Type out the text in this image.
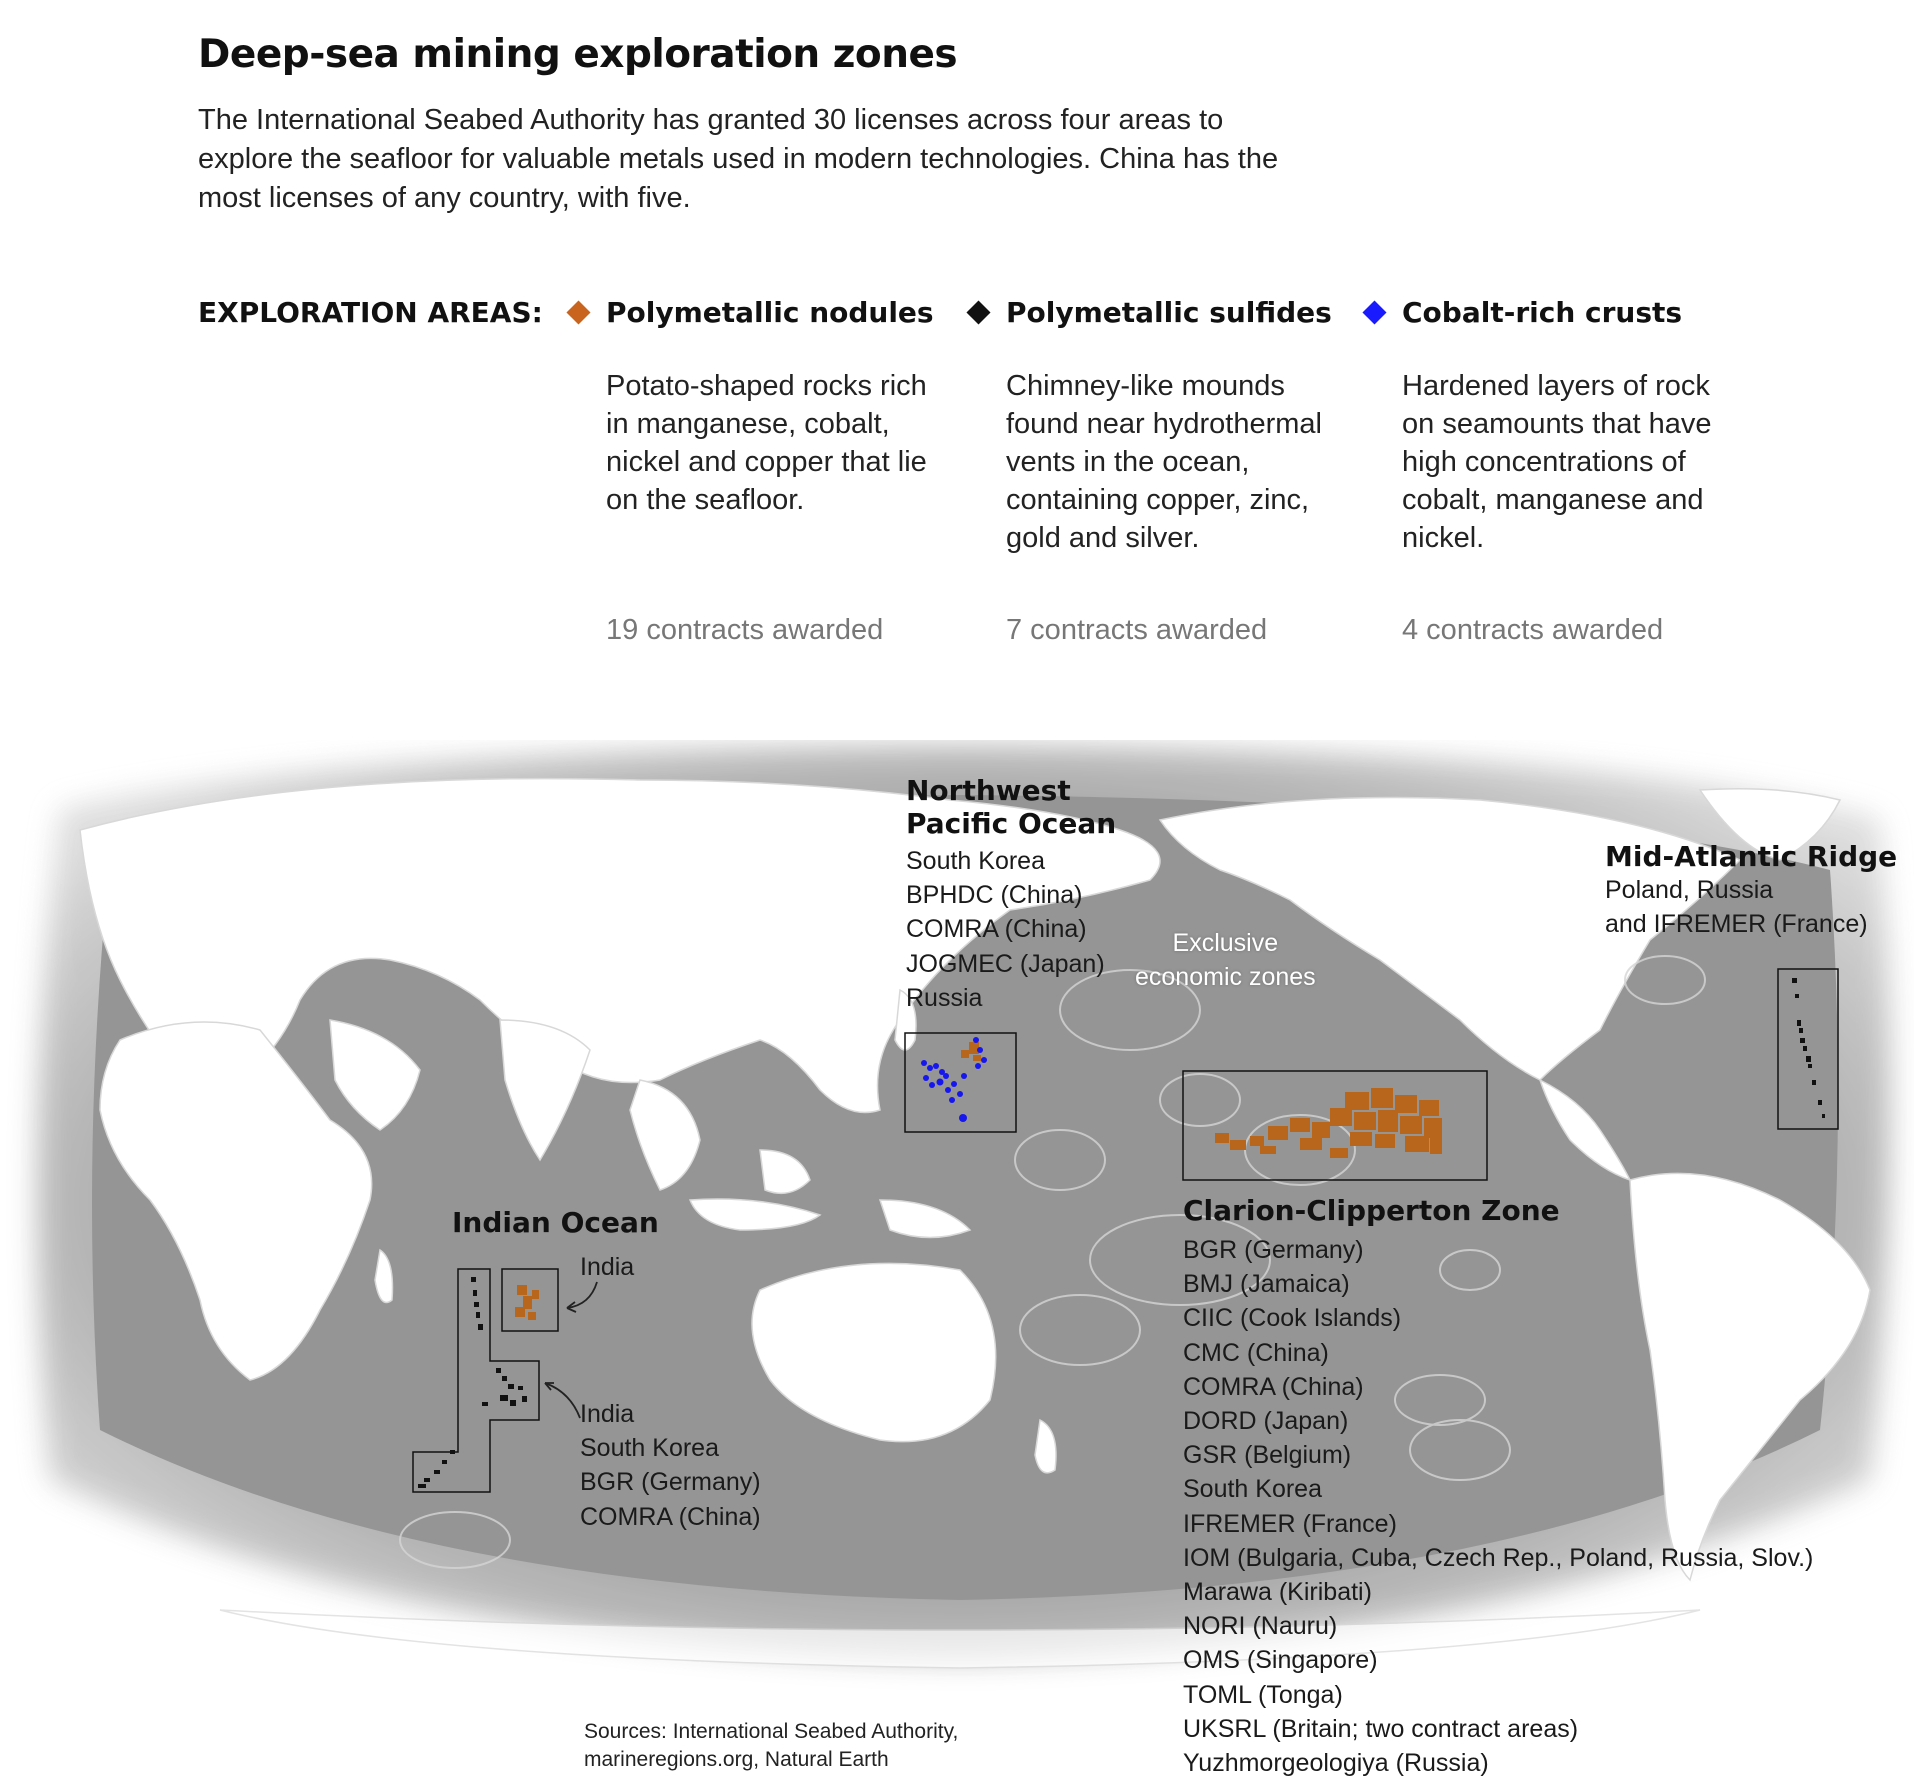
Deep-sea mining exploration zones

The International Seabed Authority has granted 30 licenses across four areas to explore the seafloor for valuable metals used in modern technologies. China has the most licenses of any country, with five.

EXPLORATION AREAS: Polymetallic nodules
Potato-shaped rocks rich in manganese, cobalt, nickel and copper that lie on the seafloor.
19 contracts awarded
Polymetallic sulfides
Chimney-like mounds found near hydrothermal vents in the ocean, containing copper, zinc, gold and silver.
7 contracts awarded
Cobalt-rich crusts
Hardened layers of rock on seamounts that have high concentrations of cobalt, manganese and nickel.
4 contracts awarded
Northwest
Pacific Ocean
South Korea
BPHDC (China)
COMRA (China)
JOGMEC (Japan)
Russia
Mid-Atlantic Ridge
Poland, Russia
and IFREMER (France)
Exclusive
economic zones
Indian Ocean
India
India
South Korea
BGR (Germany)
COMRA (China)
Clarion-Clipperton Zone
BGR (Germany)
BMJ (Jamaica)
CIIC (Cook Islands)
CMC (China)
COMRA (China)
DORD (Japan)
GSR (Belgium)
South Korea
IFREMER (France)
IOM (Bulgaria, Cuba, Czech Rep., Poland, Russia, Slov.)
Marawa (Kiribati)
NORI (Nauru)
OMS (Singapore)
TOML (Tonga)
UKSRL (Britain; two contract areas)
Yuzhmorgeologiya (Russia)
Sources: International Seabed Authority,
marineregions.org, Natural Earth
